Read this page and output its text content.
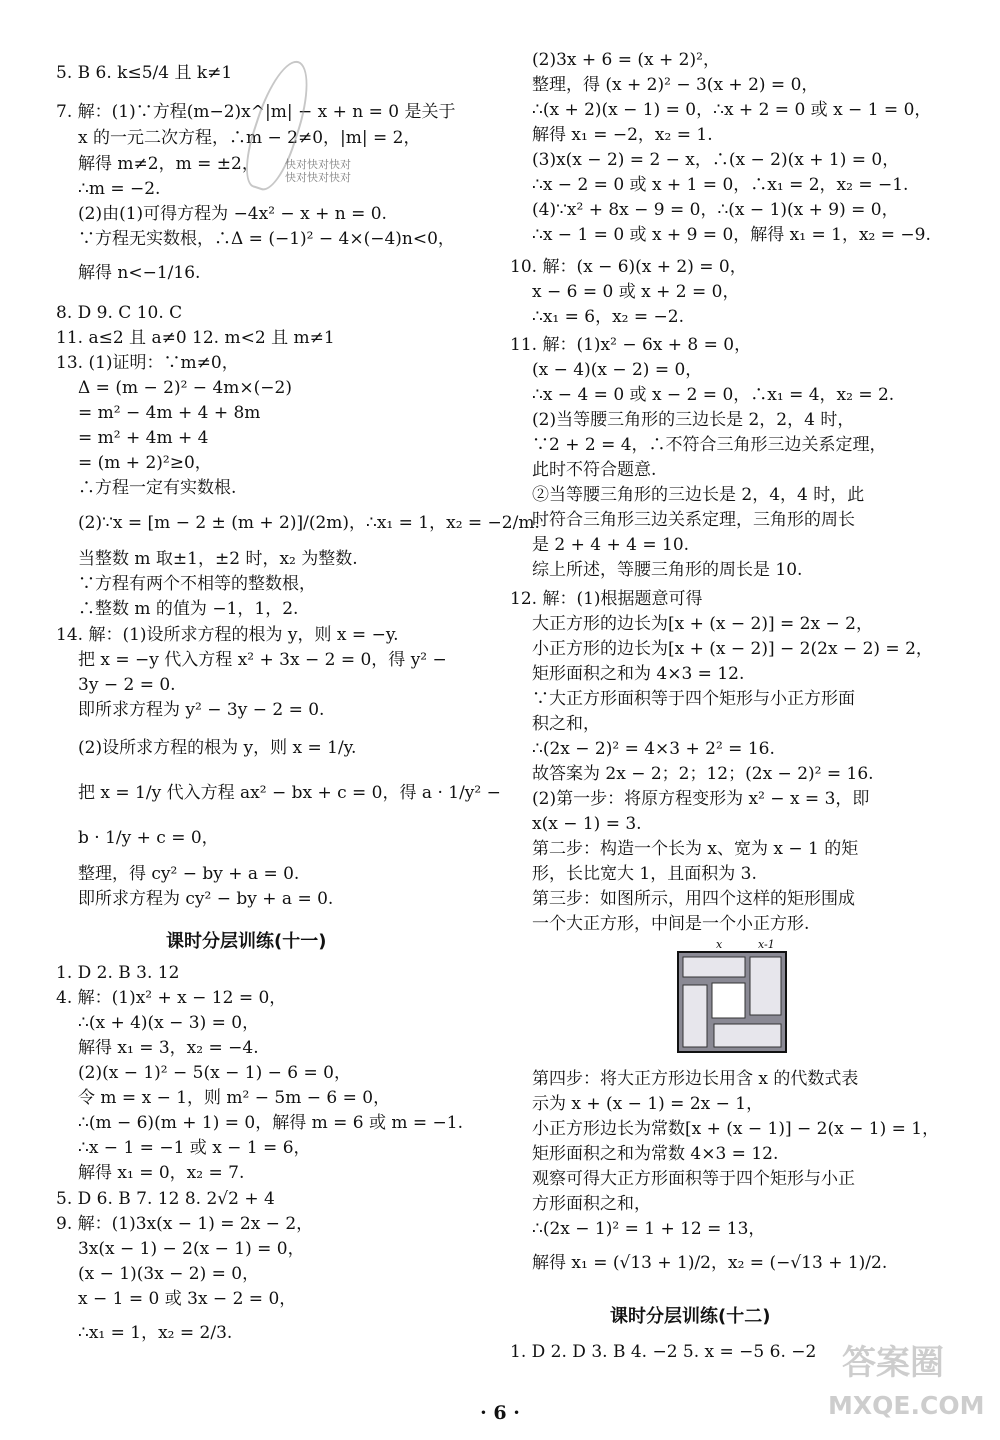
5. B 6. k≤5/4 且 k≠1
7. 解：(1)∵方程(m−2)x^|m| − x + n = 0 是关于
x 的一元二次方程，∴m − 2≠0，|m| = 2，
解得 m≠2，m = ±2，
∴m = −2.
(2)由(1)可得方程为 −4x² − x + n = 0.
∵方程无实数根，∴Δ = (−1)² − 4×(−4)n<0，
解得 n<−1/16.
8. D 9. C 10. C
11. a≤2 且 a≠0 12. m<2 且 m≠1
13. (1)证明：∵m≠0，
Δ = (m − 2)² − 4m×(−2)
= m² − 4m + 4 + 8m
= m² + 4m + 4
= (m + 2)²≥0，
∴方程一定有实数根.
(2)∵x = [m − 2 ± (m + 2)]/(2m)，∴x₁ = 1，x₂ = −2/m.
当整数 m 取±1，±2 时，x₂ 为整数.
∵方程有两个不相等的整数根，
∴整数 m 的值为 −1，1，2.
14. 解：(1)设所求方程的根为 y，则 x = −y.
把 x = −y 代入方程 x² + 3x − 2 = 0，得 y² −
3y − 2 = 0.
即所求方程为 y² − 3y − 2 = 0.
(2)设所求方程的根为 y，则 x = 1/y.
把 x = 1/y 代入方程 ax² − bx + c = 0，得 a · 1/y² −
b · 1/y + c = 0，
整理，得 cy² − by + a = 0.
即所求方程为 cy² − by + a = 0.
课时分层训练(十一)
1. D 2. B 3. 12
4. 解：(1)x² + x − 12 = 0，
∴(x + 4)(x − 3) = 0，
解得 x₁ = 3，x₂ = −4.
(2)(x − 1)² − 5(x − 1) − 6 = 0，
令 m = x − 1，则 m² − 5m − 6 = 0，
∴(m − 6)(m + 1) = 0，解得 m = 6 或 m = −1.
∴x − 1 = −1 或 x − 1 = 6，
解得 x₁ = 0，x₂ = 7.
5. D 6. B 7. 12 8. 2√2 + 4
9. 解：(1)3x(x − 1) = 2x − 2，
3x(x − 1) − 2(x − 1) = 0，
(x − 1)(3x − 2) = 0，
x − 1 = 0 或 3x − 2 = 0，
∴x₁ = 1，x₂ = 2/3.
(2)3x + 6 = (x + 2)²，
整理，得 (x + 2)² − 3(x + 2) = 0，
∴(x + 2)(x − 1) = 0，∴x + 2 = 0 或 x − 1 = 0，
解得 x₁ = −2，x₂ = 1.
(3)x(x − 2) = 2 − x，∴(x − 2)(x + 1) = 0，
∴x − 2 = 0 或 x + 1 = 0，∴x₁ = 2，x₂ = −1.
(4)∵x² + 8x − 9 = 0，∴(x − 1)(x + 9) = 0，
∴x − 1 = 0 或 x + 9 = 0，解得 x₁ = 1，x₂ = −9.
10. 解：(x − 6)(x + 2) = 0，
x − 6 = 0 或 x + 2 = 0，
∴x₁ = 6，x₂ = −2.
11. 解：(1)x² − 6x + 8 = 0，
(x − 4)(x − 2) = 0，
∴x − 4 = 0 或 x − 2 = 0，∴x₁ = 4，x₂ = 2.
(2)当等腰三角形的三边长是 2，2，4 时，
∵2 + 2 = 4，∴不符合三角形三边关系定理，
此时不符合题意.
②当等腰三角形的三边长是 2，4，4 时，此
时符合三角形三边关系定理，三角形的周长
是 2 + 4 + 4 = 10.
综上所述，等腰三角形的周长是 10.
12. 解：(1)根据题意可得
大正方形的边长为[x + (x − 2)] = 2x − 2，
小正方形的边长为[x + (x − 2)] − 2(2x − 2) = 2，
矩形面积之和为 4×3 = 12.
∵大正方形面积等于四个矩形与小正方形面
积之和，
∴(2x − 2)² = 4×3 + 2² = 16.
故答案为 2x − 2；2；12；(2x − 2)² = 16.
(2)第一步：将原方程变形为 x² − x = 3，即
x(x − 1) = 3.
第二步：构造一个长为 x、宽为 x − 1 的矩
形，长比宽大 1，且面积为 3.
第三步：如图所示，用四个这样的矩形围成
一个大正方形，中间是一个小正方形.
第四步：将大正方形边长用含 x 的代数式表
示为 x + (x − 1) = 2x − 1，
小正方形边长为常数[x + (x − 1)] − 2(x − 1) = 1，
矩形面积之和为常数 4×3 = 12.
观察可得大正方形面积等于四个矩形与小正
方形面积之和，
∴(2x − 1)² = 1 + 12 = 13，
解得 x₁ = (√13 + 1)/2，x₂ = (−√13 + 1)/2.
课时分层训练(十二)
1. D 2. D 3. B 4. −2 5. x = −5 6. −2
x	x-1
快对快对快对
快对快对快对
· 6 ·
答案圈
MXQE.COM
